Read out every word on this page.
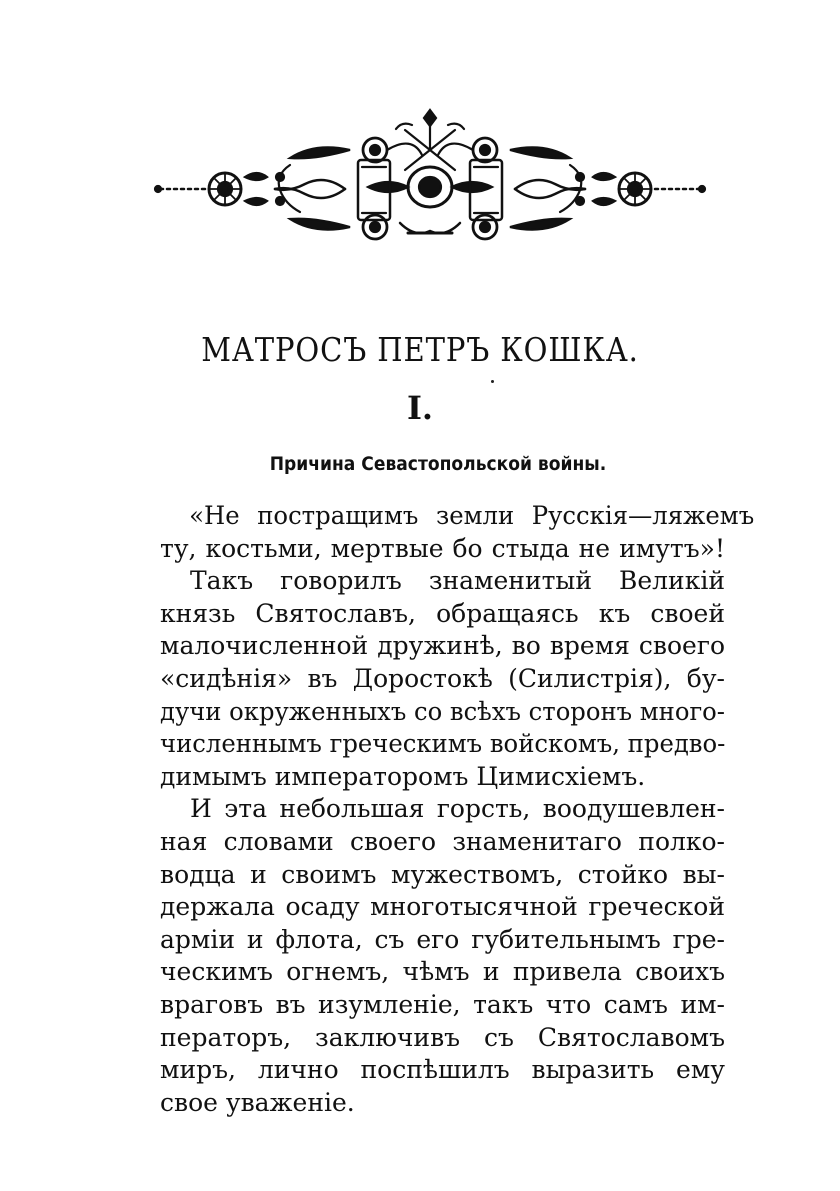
МАТРОСЪ ПЕТРЪ КОШКА.
I.
Причина Севастопольской войны.
«Не постращимъ земли Русскія—ляжемъ
ту, костьми, мертвые бо стыда не имутъ»!
Такъ говорилъ знаменитый Великій
князь Святославъ, обращаясь къ своей
малочисленной дружинѣ, во время своего
«сидѣнія» въ Доростокѣ (Силистрія), бу-
дучи окруженныхъ со всѣхъ сторонъ много-
численнымъ греческимъ войскомъ, предво-
димымъ императоромъ Цимисхіемъ.
И эта небольшая горсть, воодушевлен-
ная словами своего знаменитаго полко-
водца и своимъ мужествомъ, стойко вы-
держала осаду многотысячной греческой
арміи и флота, съ его губительнымъ гре-
ческимъ огнемъ, чѣмъ и привела своихъ
враговъ въ изумленіе, такъ что самъ им-
ператоръ, заключивъ съ Святославомъ
миръ, лично поспѣшилъ выразить ему
свое уваженіе.
